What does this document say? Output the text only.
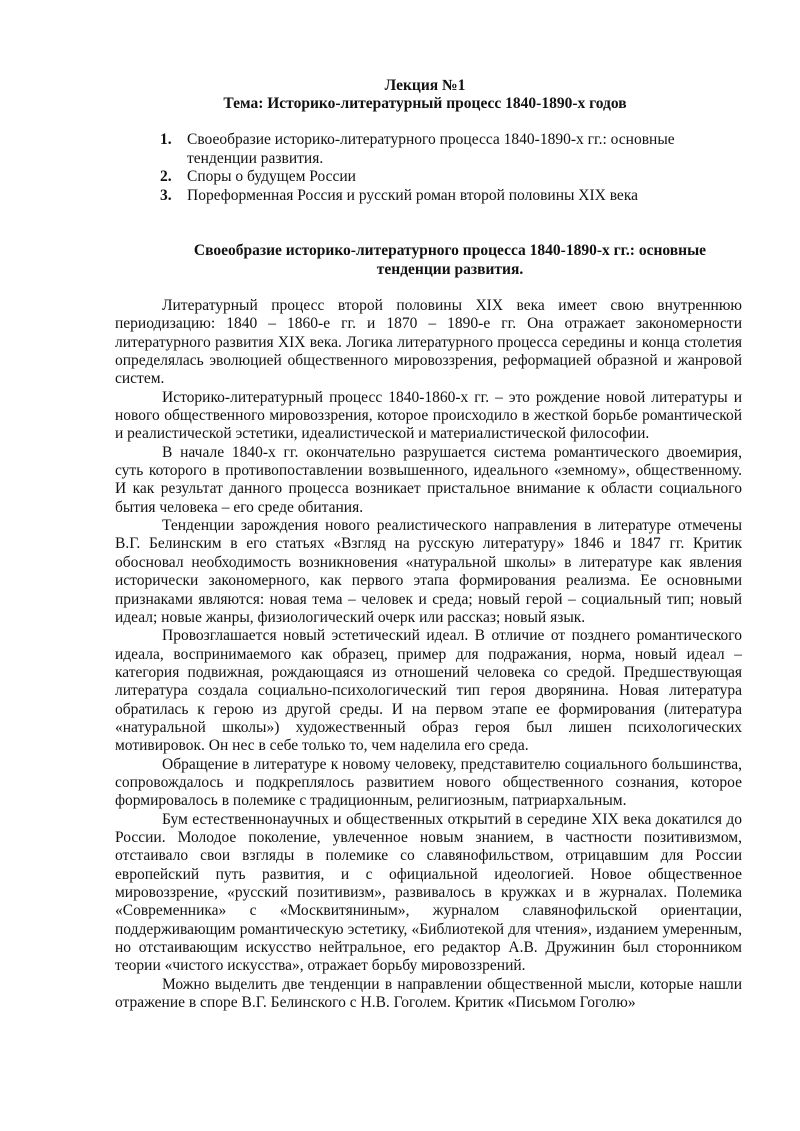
Лекция №1
Тема: Историко-литературный процесс 1840-1890-х годов
1. Своеобразие историко-литературного процесса 1840-1890-х гг.: основные тенденции развития.
2. Споры о будущем России
3. Пореформенная Россия и русский роман второй половины XIX века
Своеобразие историко-литературного процесса 1840-1890-х гг.: основные тенденции развития.

Литературный процесс второй половины XIX века имеет свою внутреннюю периодизацию: 1840 – 1860-е гг. и 1870 – 1890-е гг. Она отражает закономерности литературного развития XIX века. Логика литературного процесса середины и конца столетия определялась эволюцией общественного мировоззрения, реформацией образной и жанровой систем.

Историко-литературный процесс 1840-1860-х гг. – это рождение новой литературы и нового общественного мировоззрения, которое происходило в жесткой борьбе романтической и реалистической эстетики, идеалистической и материалистической философии.

В начале 1840-х гг. окончательно разрушается система романтического двоемирия, суть которого в противопоставлении возвышенного, идеального «земному», общественному. И как результат данного процесса возникает пристальное внимание к области социального бытия человека – его среде обитания.

Тенденции зарождения нового реалистического направления в литературе отмечены В.Г. Белинским в его статьях «Взгляд на русскую литературу» 1846 и 1847 гг. Критик обосновал необходимость возникновения «натуральной школы» в литературе как явления исторически закономерного, как первого этапа формирования реализма. Ее основными признаками являются: новая тема – человек и среда; новый герой – социальный тип; новый идеал; новые жанры, физиологический очерк или рассказ; новый язык.

Провозглашается новый эстетический идеал. В отличие от позднего романтического идеала, воспринимаемого как образец, пример для подражания, норма, новый идеал – категория подвижная, рождающаяся из отношений человека со средой. Предшествующая литература создала социально-психологический тип героя дворянина. Новая литература обратилась к герою из другой среды. И на первом этапе ее формирования (литература «натуральной школы») художественный образ героя был лишен психологических мотивировок. Он нес в себе только то, чем наделила его среда.

Обращение в литературе к новому человеку, представителю социального большинства, сопровождалось и подкреплялось развитием нового общественного сознания, которое формировалось в полемике с традиционным, религиозным, патриархальным.

Бум естественнонаучных и общественных открытий в середине XIX века докатился до России. Молодое поколение, увлеченное новым знанием, в частности позитивизмом, отстаивало свои взгляды в полемике со славянофильством, отрицавшим для России европейский путь развития, и с официальной идеологией. Новое общественное мировоззрение, «русский позитивизм», развивалось в кружках и в журналах. Полемика «Современника» с «Москвитяниным», журналом славянофильской ориентации, поддерживающим романтическую эстетику, «Библиотекой для чтения», изданием умеренным, но отстаивающим искусство нейтральное, его редактор А.В. Дружинин был сторонником теории «чистого искусства», отражает борьбу мировоззрений.

Можно выделить две тенденции в направлении общественной мысли, которые нашли отражение в споре В.Г. Белинского с Н.В. Гоголем. Критик «Письмом Гоголю»
